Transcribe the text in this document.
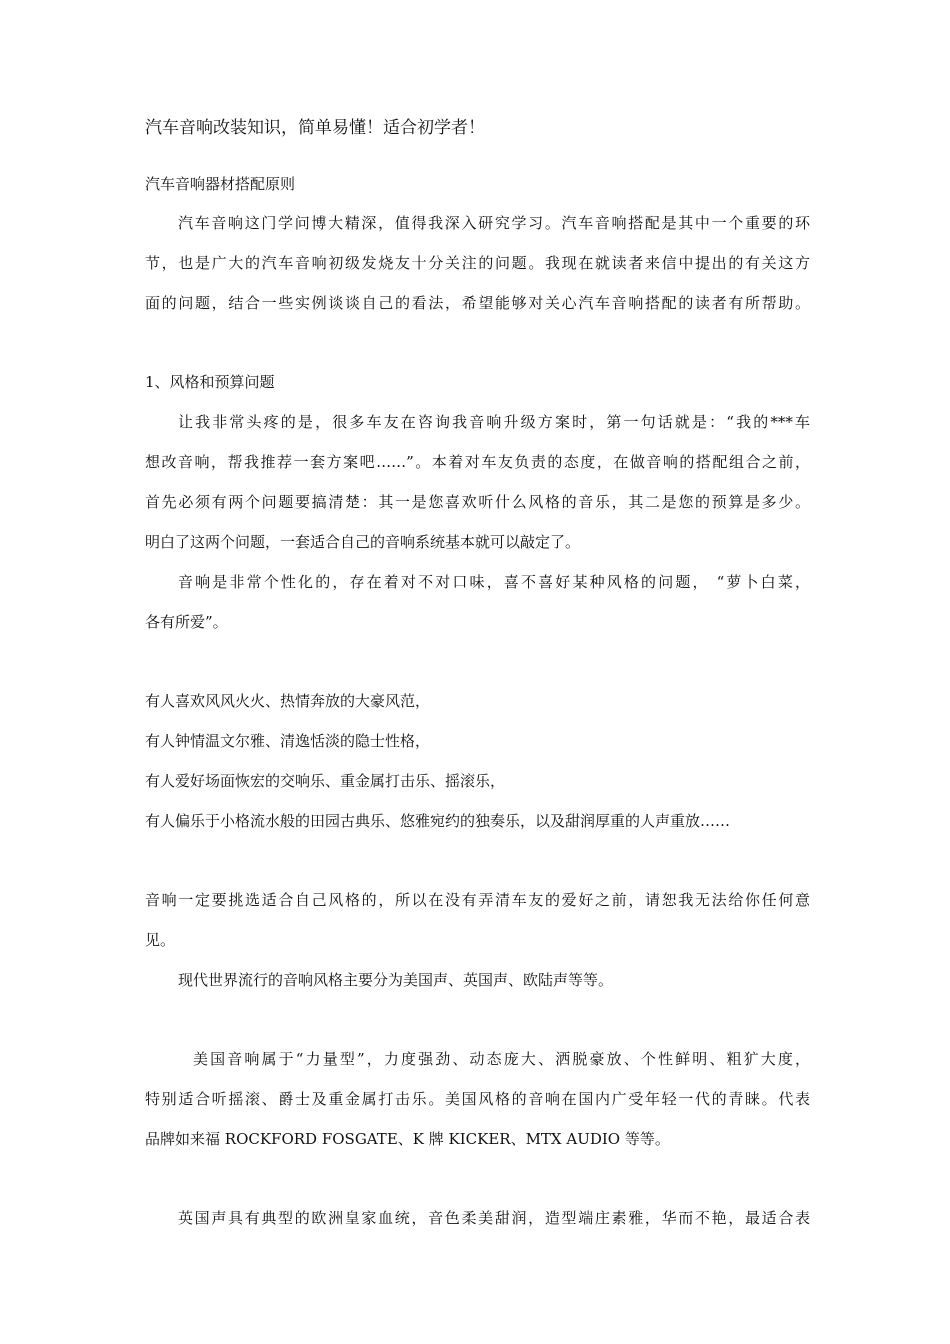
汽车音响改装知识，简单易懂！适合初学者！
汽车音响器材搭配原则
汽车音响这门学问博大精深，值得我深入研究学习。汽车音响搭配是其中一个重要的环
节，也是广大的汽车音响初级发烧友十分关注的问题。我现在就读者来信中提出的有关这方
面的问题，结合一些实例谈谈自己的看法，希望能够对关心汽车音响搭配的读者有所帮助。
1、风格和预算问题
让我非常头疼的是，很多车友在咨询我音响升级方案时，第一句话就是：“我的***车
想改音响，帮我推荐一套方案吧……”。本着对车友负责的态度，在做音响的搭配组合之前，
首先必须有两个问题要搞清楚：其一是您喜欢听什么风格的音乐，其二是您的预算是多少。
明白了这两个问题，一套适合自己的音响系统基本就可以敲定了。
音响是非常个性化的，存在着对不对口味，喜不喜好某种风格的问题， “萝卜白菜，
各有所爱”。
有人喜欢风风火火、热情奔放的大豪风范，
有人钟情温文尔雅、清逸恬淡的隐士性格，
有人爱好场面恢宏的交响乐、重金属打击乐、摇滚乐，
有人偏乐于小格流水般的田园古典乐、悠雅宛约的独奏乐，以及甜润厚重的人声重放……
音响一定要挑选适合自己风格的，所以在没有弄清车友的爱好之前，请恕我无法给你任何意
见。
现代世界流行的音响风格主要分为美国声、英国声、欧陆声等等。
美国音响属于“力量型”，力度强劲、动态庞大、洒脱豪放、个性鲜明、粗犷大度，
特别适合听摇滚、爵士及重金属打击乐。美国风格的音响在国内广受年轻一代的青睐。代表
品牌如来福 ROCKFORD FOSGATE、K 牌 KICKER、MTX AUDIO 等等。
英国声具有典型的欧洲皇家血统，音色柔美甜润，造型端庄素雅，华而不艳，最适合表
